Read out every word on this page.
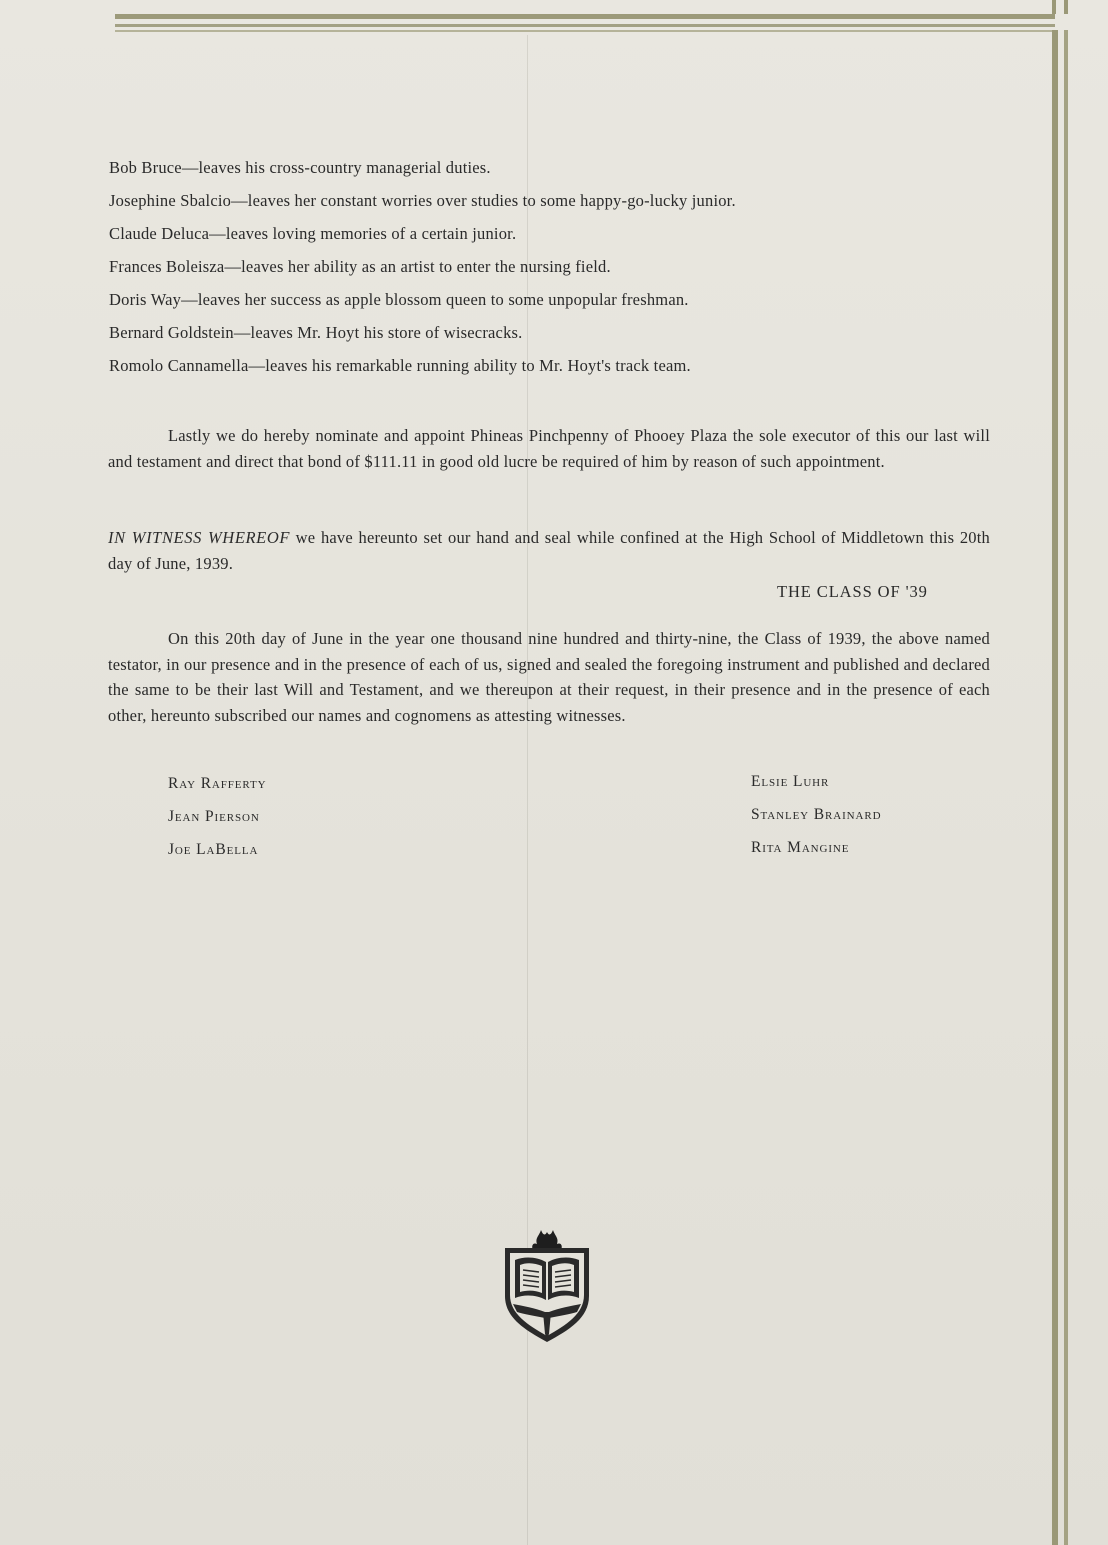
Bob Bruce—leaves his cross-country managerial duties.
Josephine Sbalcio—leaves her constant worries over studies to some happy-go-lucky junior.
Claude Deluca—leaves loving memories of a certain junior.
Frances Boleisza—leaves her ability as an artist to enter the nursing field.
Doris Way—leaves her success as apple blossom queen to some unpopular freshman.
Bernard Goldstein—leaves Mr. Hoyt his store of wisecracks.
Romolo Cannamella—leaves his remarkable running ability to Mr. Hoyt's track team.

Lastly we do hereby nominate and appoint Phineas Pinchpenny of Phooey Plaza the sole executor of this our last will and testament and direct that bond of $111.11 in good old lucre be required of him by reason of such appointment.

IN WITNESS WHEREOF we have hereunto set our hand and seal while confined at the High School of Middletown this 20th day of June, 1939.

THE CLASS OF '39

On this 20th day of June in the year one thousand nine hundred and thirty-nine, the Class of 1939, the above named testator, in our presence and in the presence of each of us, signed and sealed the foregoing instrument and published and declared the same to be their last Will and Testament, and we thereupon at their request, in their presence and in the presence of each other, hereunto subscribed our names and cognomens as attesting witnesses.

Ray Rafferty
Jean Pierson
Joe LaBella
Elsie Luhr
Stanley Brainard
Rita Mangine
